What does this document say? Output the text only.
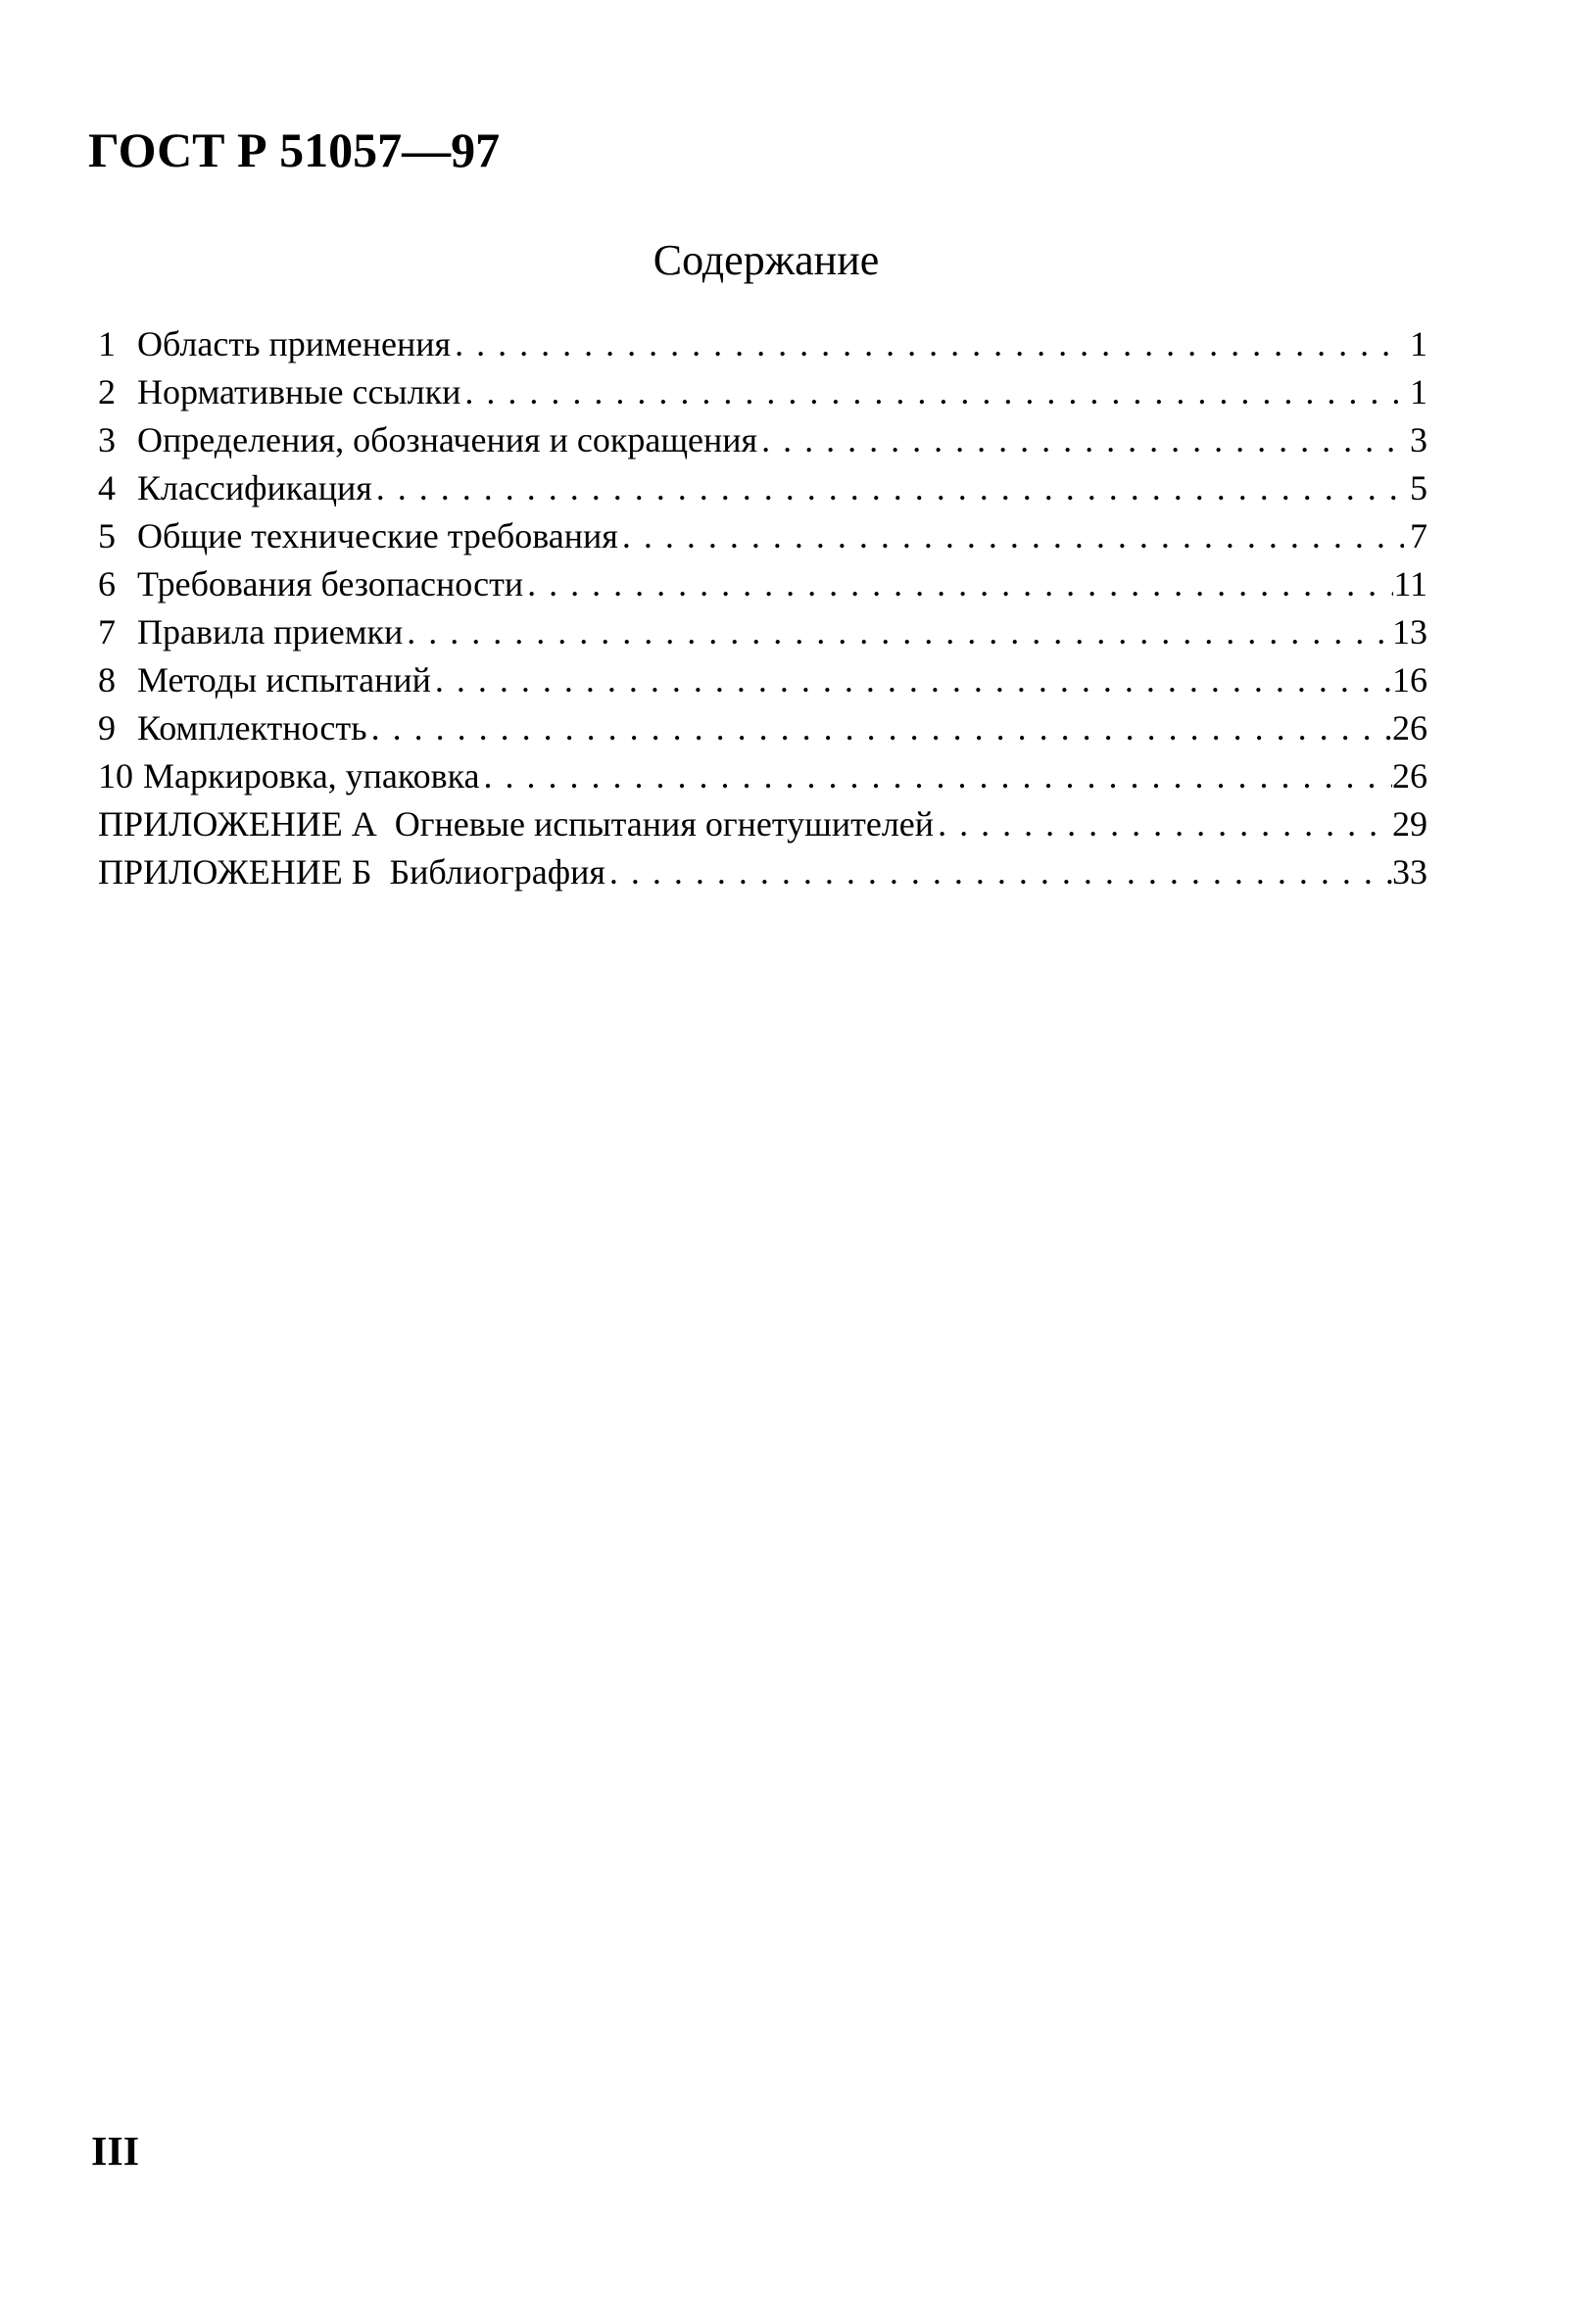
ГОСТ Р 51057—97
Содержание
1 Область применения . . .	1
2 Нормативные ссылки . . .	1
3 Определения, обозначения и сокращения . . .	3
4 Классификация . . .	5
5 Общие технические требования . . .	7
6 Требования безопасности . . .	11
7 Правила приемки . . .	13
8 Методы испытаний . . .	16
9 Комплектность . . .	26
10 Маркировка, упаковка . . .	26
ПРИЛОЖЕНИЕ А  Огневые испытания огнетушителей . . .	29
ПРИЛОЖЕНИЕ Б  Библиография . . .	33
III
